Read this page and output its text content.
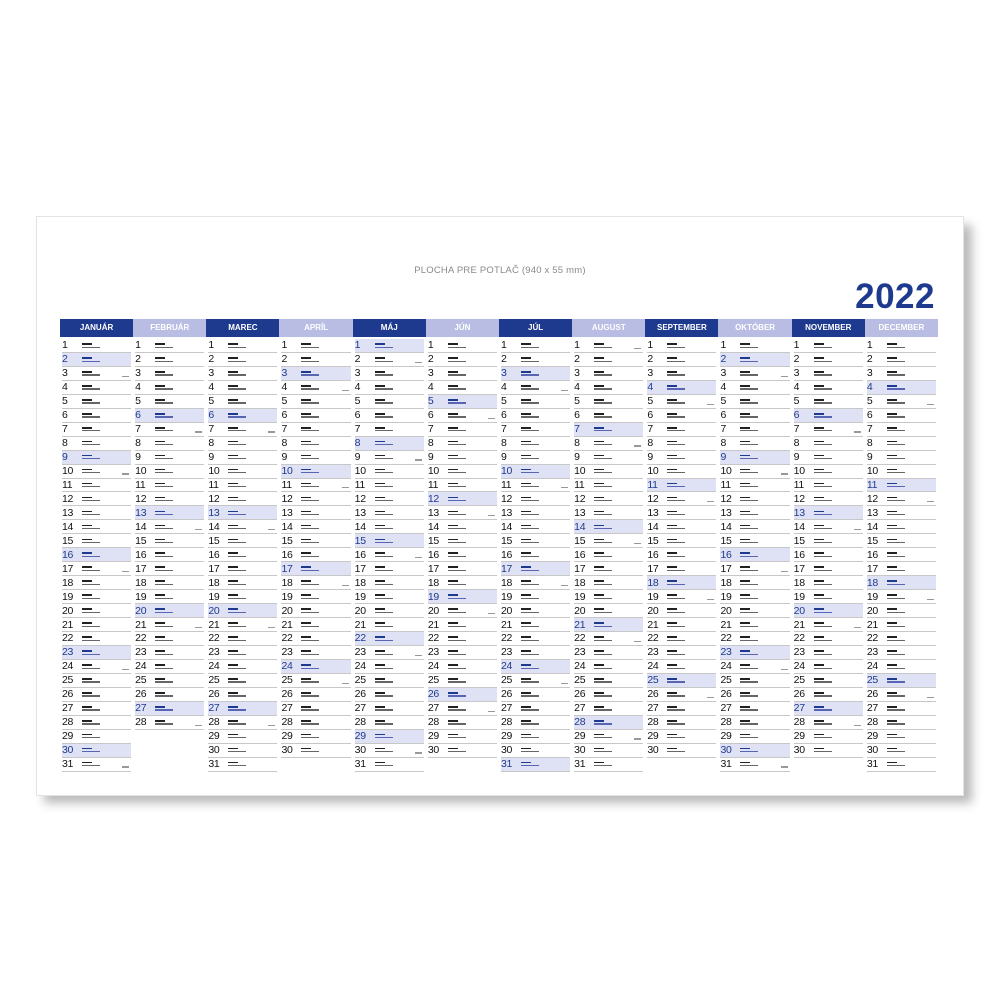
PLOCHA PRE POTLAČ (940 x 55 mm)
2022
JANUÁR
1
2
3
4
5
6
7
8
9
10
11
12
13
14
15
16
17
18
19
20
21
22
23
24
25
26
27
28
29
30
31
FEBRUÁR
1
2
3
4
5
6
7
8
9
10
11
12
13
14
15
16
17
18
19
20
21
22
23
24
25
26
27
28
MAREC
1
2
3
4
5
6
7
8
9
10
11
12
13
14
15
16
17
18
19
20
21
22
23
24
25
26
27
28
29
30
31
APRÍL
1
2
3
4
5
6
7
8
9
10
11
12
13
14
15
16
17
18
19
20
21
22
23
24
25
26
27
28
29
30
MÁJ
1
2
3
4
5
6
7
8
9
10
11
12
13
14
15
16
17
18
19
20
21
22
23
24
25
26
27
28
29
30
31
JÚN
1
2
3
4
5
6
7
8
9
10
11
12
13
14
15
16
17
18
19
20
21
22
23
24
25
26
27
28
29
30
JÚL
1
2
3
4
5
6
7
8
9
10
11
12
13
14
15
16
17
18
19
20
21
22
23
24
25
26
27
28
29
30
31
AUGUST
1
2
3
4
5
6
7
8
9
10
11
12
13
14
15
16
17
18
19
20
21
22
23
24
25
26
27
28
29
30
31
SEPTEMBER
1
2
3
4
5
6
7
8
9
10
11
12
13
14
15
16
17
18
19
20
21
22
23
24
25
26
27
28
29
30
OKTÓBER
1
2
3
4
5
6
7
8
9
10
11
12
13
14
15
16
17
18
19
20
21
22
23
24
25
26
27
28
29
30
31
NOVEMBER
1
2
3
4
5
6
7
8
9
10
11
12
13
14
15
16
17
18
19
20
21
22
23
24
25
26
27
28
29
30
DECEMBER
1
2
3
4
5
6
7
8
9
10
11
12
13
14
15
16
17
18
19
20
21
22
23
24
25
26
27
28
29
30
31
